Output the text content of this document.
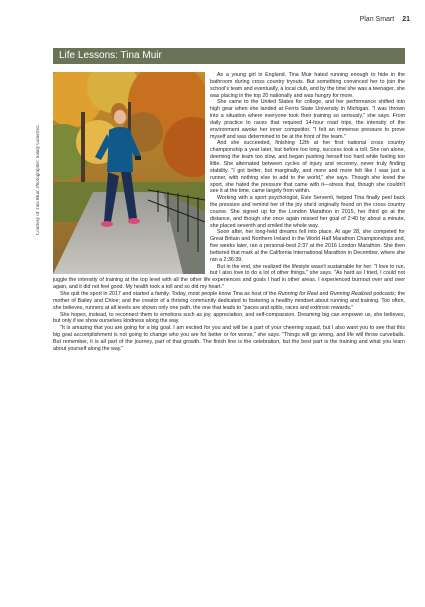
Plan Smart 21
Life Lessons: Tina Muir
Courtesy of Tina Muir. Photographer: Sandy Gutierrez.

As a young girl in England, Tina Muir hated running enough to hide in the bathroom during cross country tryouts. But something convinced her to join the school's team and eventually, a local club, and by the time she was a teenager, she was placing in the top 20 nationally and was hungry for more.

She came to the United States for college, and her performance shifted into high gear when she landed at Ferris State University in Michigan. "I was thrown into a situation where everyone took their training so seriously," she says. From daily practice to races that required 14-hour road trips, the intensity of the environment awoke her inner competitor. "I felt an immense pressure to prove myself and was determined to be at the front of the team."

And she succeeded, finishing 12th at her first national cross country championship a year later, but before too long, success took a toll. She ran alone, deeming the team too slow, and began pushing herself too hard while fueling too little. She alternated between cycles of injury and recovery, never truly finding stability. "I got better, but marginally, and more and more felt like I was just a runner, with nothing else to add to the world," she says. Though she loved the sport, she hated the pressure that came with it—stress that, though she couldn't see it at the time, came largely from within.

Working with a sport psychologist, Evie Serventi, helped Tina finally peel back the pressure and remind her of the joy she'd originally found on the cross country course. She signed up for the London Marathon in 2015, her third go at the distance, and though she once again missed her goal of 2:40 by about a minute, she placed seventh and smiled the whole way.

Soon after, her long-held dreams fell into place. At age 28, she competed for Great Britain and Northern Ireland in the World Half Marathon Championships and, five weeks later, ran a personal-best 2:37 at the 2016 London Marathon. She then bettered that mark at the California International Marathon in December, where she ran a 2:36:39.

But in the end, she realized the lifestyle wasn't sustainable for her. "I love to run, but I also love to do a lot of other things," she says. "As hard as I tried, I could not juggle the intensity of training at the top level with all the other life experiences and goals I had in other areas. I experienced burnout over and over again, and it did not feel good. My health took a toll and so did my heart."

She quit the sport in 2017 and started a family. Today, most people know Tina as host of the Running for Real and Running Realized podcasts; the mother of Bailey and Chloe; and the creator of a thriving community dedicated to fostering a healthy mindset about running and training. Too often, she believes, runners at all levels are shown only one path, the one that leads to "paces and splits, races and extrinsic rewards."

She hopes, instead, to reconnect them to emotions such as joy, appreciation, and self-compassion. Dreaming big can empower us, she believes, but only if we show ourselves kindness along the way.

"It is amazing that you are going for a big goal. I am excited for you and will be a part of your cheering squad, but I also want you to see that this big goal accomplishment is not going to change who you are for better or for worse," she says. "Things will go wrong, and life will throw curveballs. But remember, it is all part of the journey, part of that growth. The finish line is the celebration, but the best part is the training and what you learn about yourself along the way."
